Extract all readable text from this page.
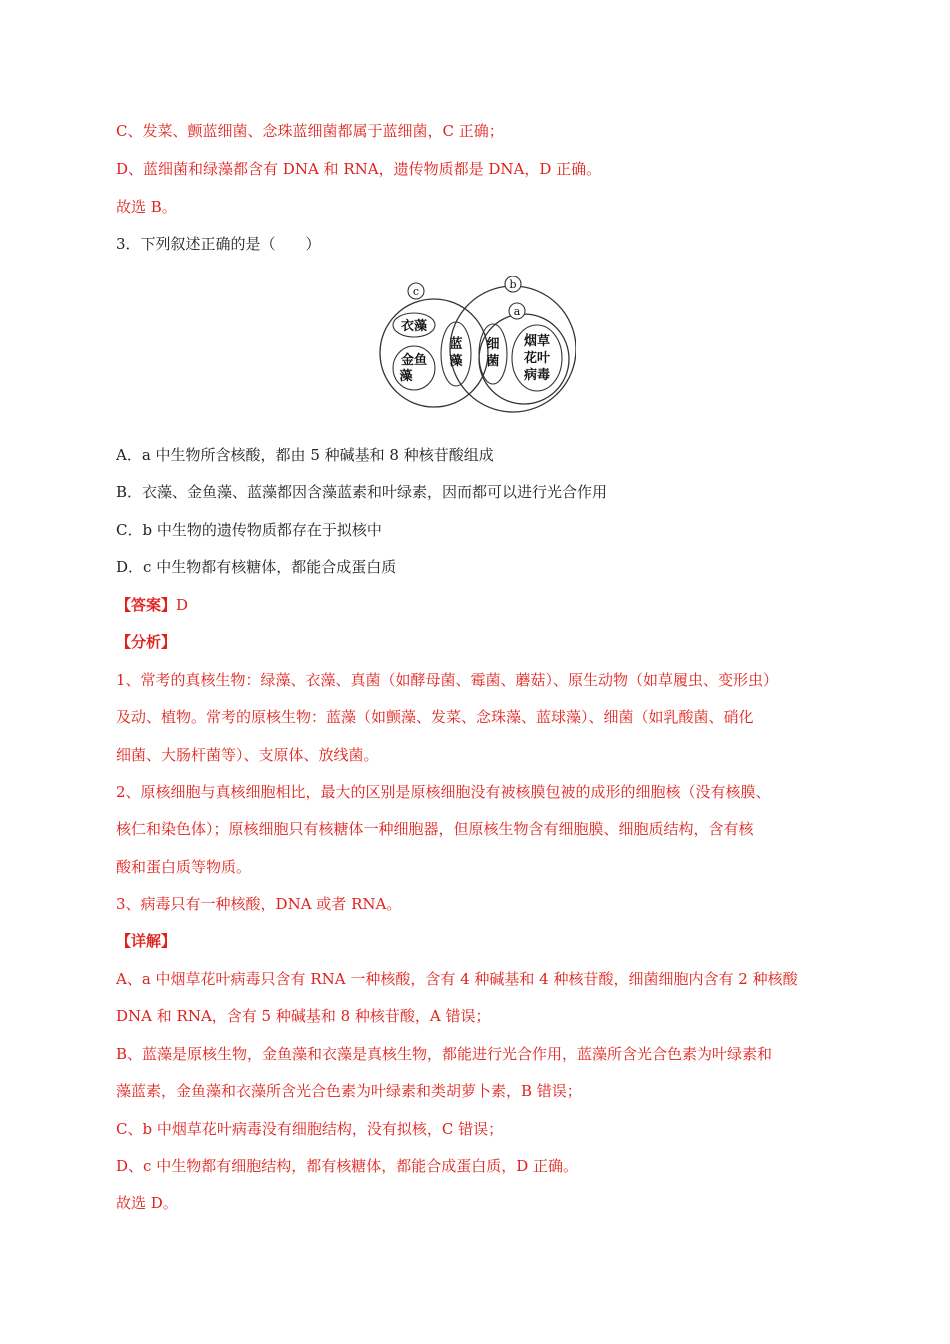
C、发菜、颤蓝细菌、念珠蓝细菌都属于蓝细菌，C 正确；
D、蓝细菌和绿藻都含有 DNA 和 RNA，遗传物质都是 DNA，D 正确。
故选 B。
3．下列叙述正确的是（　　）
c
b
a
衣藻
金鱼
藻
蓝
藻
细
菌
烟草
花叶
病毒
A．a 中生物所含核酸，都由 5 种碱基和 8 种核苷酸组成
B．衣藻、金鱼藻、蓝藻都因含藻蓝素和叶绿素，因而都可以进行光合作用
C．b 中生物的遗传物质都存在于拟核中
D．c 中生物都有核糖体，都能合成蛋白质
【答案】D
【分析】
1、常考的真核生物：绿藻、衣藻、真菌（如酵母菌、霉菌、蘑菇）、原生动物（如草履虫、变形虫）
及动、植物。常考的原核生物：蓝藻（如颤藻、发菜、念珠藻、蓝球藻）、细菌（如乳酸菌、硝化
细菌、大肠杆菌等）、支原体、放线菌。
2、原核细胞与真核细胞相比，最大的区别是原核细胞没有被核膜包被的成形的细胞核（没有核膜、
核仁和染色体）；原核细胞只有核糖体一种细胞器，但原核生物含有细胞膜、细胞质结构，含有核
酸和蛋白质等物质。
3、病毒只有一种核酸，DNA 或者 RNA。
【详解】
A、a 中烟草花叶病毒只含有 RNA 一种核酸，含有 4 种碱基和 4 种核苷酸，细菌细胞内含有 2 种核酸
DNA 和 RNA，含有 5 种碱基和 8 种核苷酸，A 错误；
B、蓝藻是原核生物，金鱼藻和衣藻是真核生物，都能进行光合作用，蓝藻所含光合色素为叶绿素和
藻蓝素，金鱼藻和衣藻所含光合色素为叶绿素和类胡萝卜素，B 错误；
C、b 中烟草花叶病毒没有细胞结构，没有拟核，C 错误；
D、c 中生物都有细胞结构，都有核糖体，都能合成蛋白质，D 正确。
故选 D。
